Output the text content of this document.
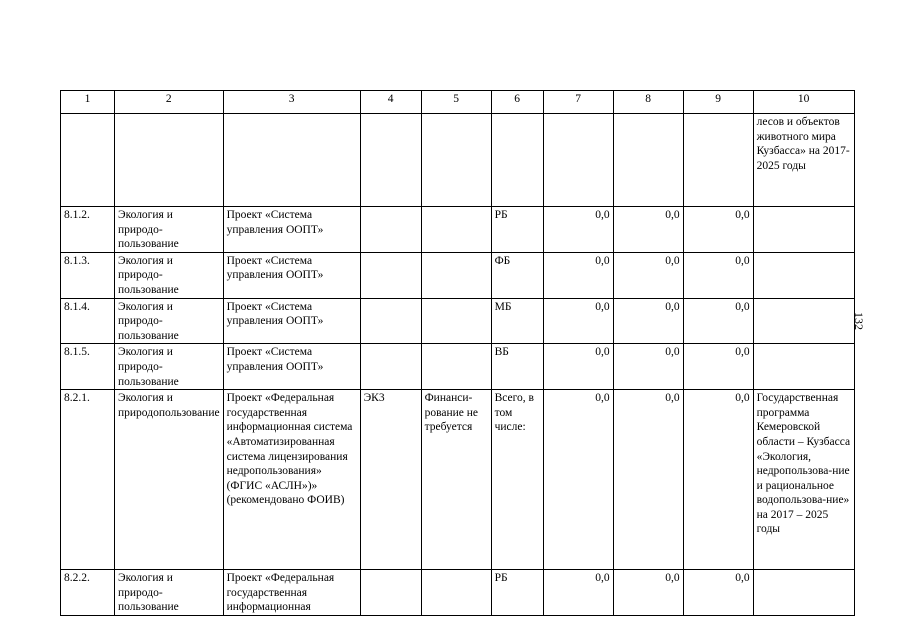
1	2	3	4	5	6	7	8	9	10
									лесов и объектов животного мира Кузбасса» на 2017-2025 годы
8.1.2.	Экология и природо-пользование	Проект «Система управления ООПТ»			РБ	0,0	0,0	0,0	
8.1.3.	Экология и природо-пользование	Проект «Система управления ООПТ»			ФБ	0,0	0,0	0,0	
8.1.4.	Экология и природо-пользование	Проект «Система управления ООПТ»			МБ	0,0	0,0	0,0	
8.1.5.	Экология и природо-пользование	Проект «Система управления ООПТ»			ВБ	0,0	0,0	0,0	
8.2.1.	Экология и природопользование	Проект «Федеральная государственная информационная система «Автоматизированная система лицензирования недропользования» (ФГИС «АСЛН»)» (рекомендовано ФОИВ)	ЭК3	Финанси-рование не требуется	Всего, в том числе:	0,0	0,0	0,0	Государственная программа Кемеровской области – Кузбасса «Экология, недропользова-ние и рациональное водопользова-ние» на 2017 – 2025 годы
8.2.2.	Экология и природо-пользование	Проект «Федеральная государственная информационная			РБ	0,0	0,0	0,0	
132
